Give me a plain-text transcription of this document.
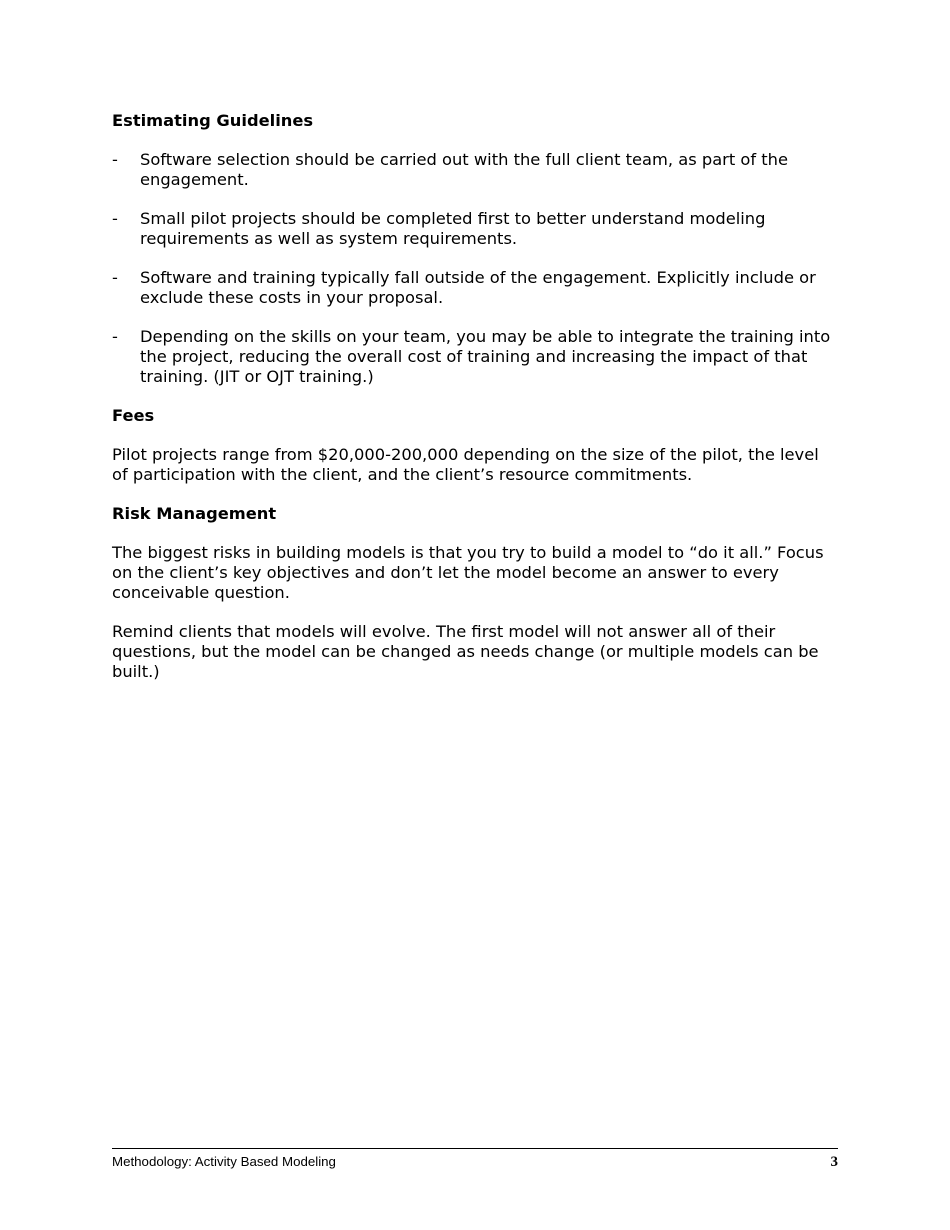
Estimating Guidelines
-	Software selection should be carried out with the full client team, as part of the engagement.
-	Small pilot projects should be completed first to better understand modeling requirements as well as system requirements.
-	Software and training typically fall outside of the engagement. Explicitly include or exclude these costs in your proposal.
-	Depending on the skills on your team, you may be able to integrate the training into the project, reducing the overall cost of training and increasing the impact of that training. (JIT or OJT training.)
Fees
Pilot projects range from $20,000-200,000 depending on the size of the pilot, the level of participation with the client, and the client’s resource commitments.
Risk Management
The biggest risks in building models is that you try to build a model to “do it all.” Focus on the client’s key objectives and don’t let the model become an answer to every conceivable question.
Remind clients that models will evolve. The first model will not answer all of their questions, but the model can be changed as needs change (or multiple models can be built.)
Methodology: Activity Based Modeling	3
